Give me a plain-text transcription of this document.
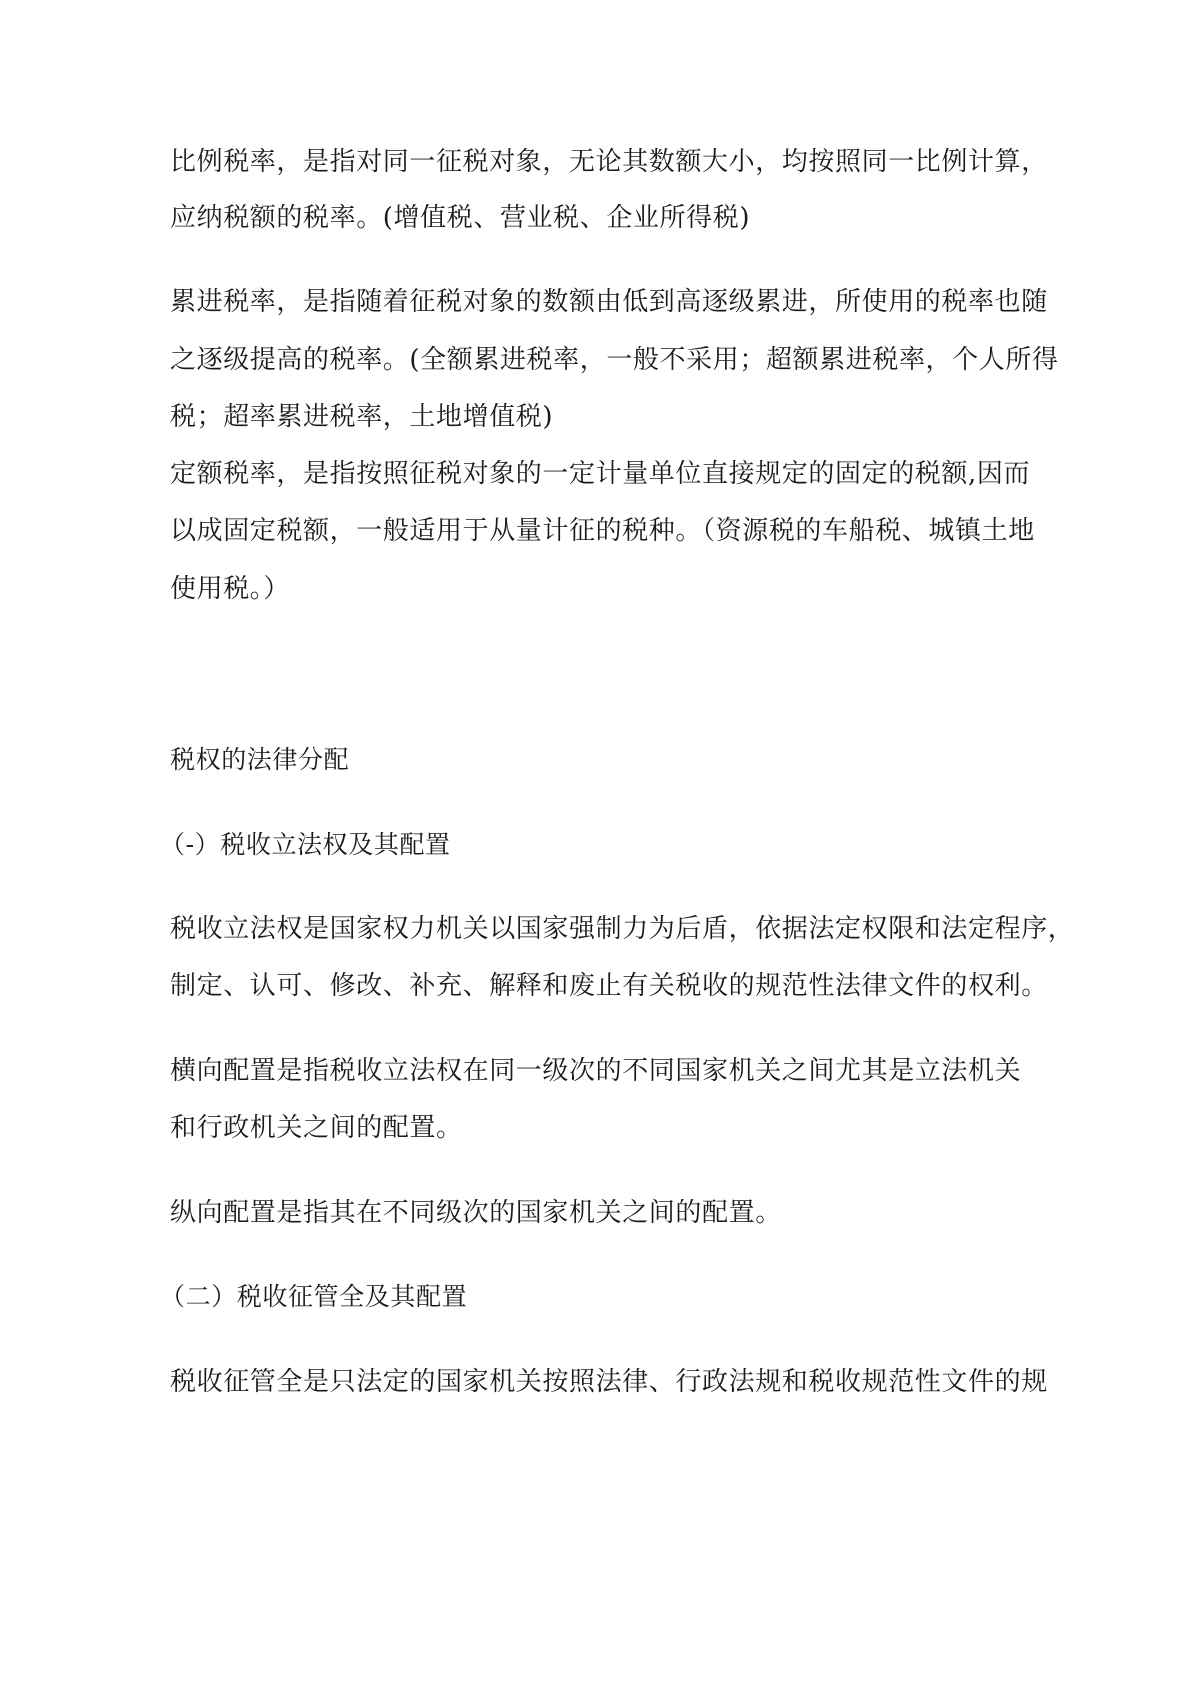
比例税率，是指对同一征税对象，无论其数额大小，均按照同一比例计算，
应纳税额的税率。(增值税、营业税、企业所得税)
累进税率，是指随着征税对象的数额由低到高逐级累进，所使用的税率也随
之逐级提高的税率。(全额累进税率，一般不采用；超额累进税率，个人所得
税；超率累进税率，土地增值税)
定额税率，是指按照征税对象的一定计量单位直接规定的固定的税额,因而
以成固定税额，一般适用于从量计征的税种。（资源税的车船税、城镇土地
使用税。）
税权的法律分配
（-）税收立法权及其配置
税收立法权是国家权力机关以国家强制力为后盾，依据法定权限和法定程序，
制定、认可、修改、补充、解释和废止有关税收的规范性法律文件的权利。
横向配置是指税收立法权在同一级次的不同国家机关之间尤其是立法机关
和行政机关之间的配置。
纵向配置是指其在不同级次的国家机关之间的配置。
（二）税收征管全及其配置
税收征管全是只法定的国家机关按照法律、行政法规和税收规范性文件的规
